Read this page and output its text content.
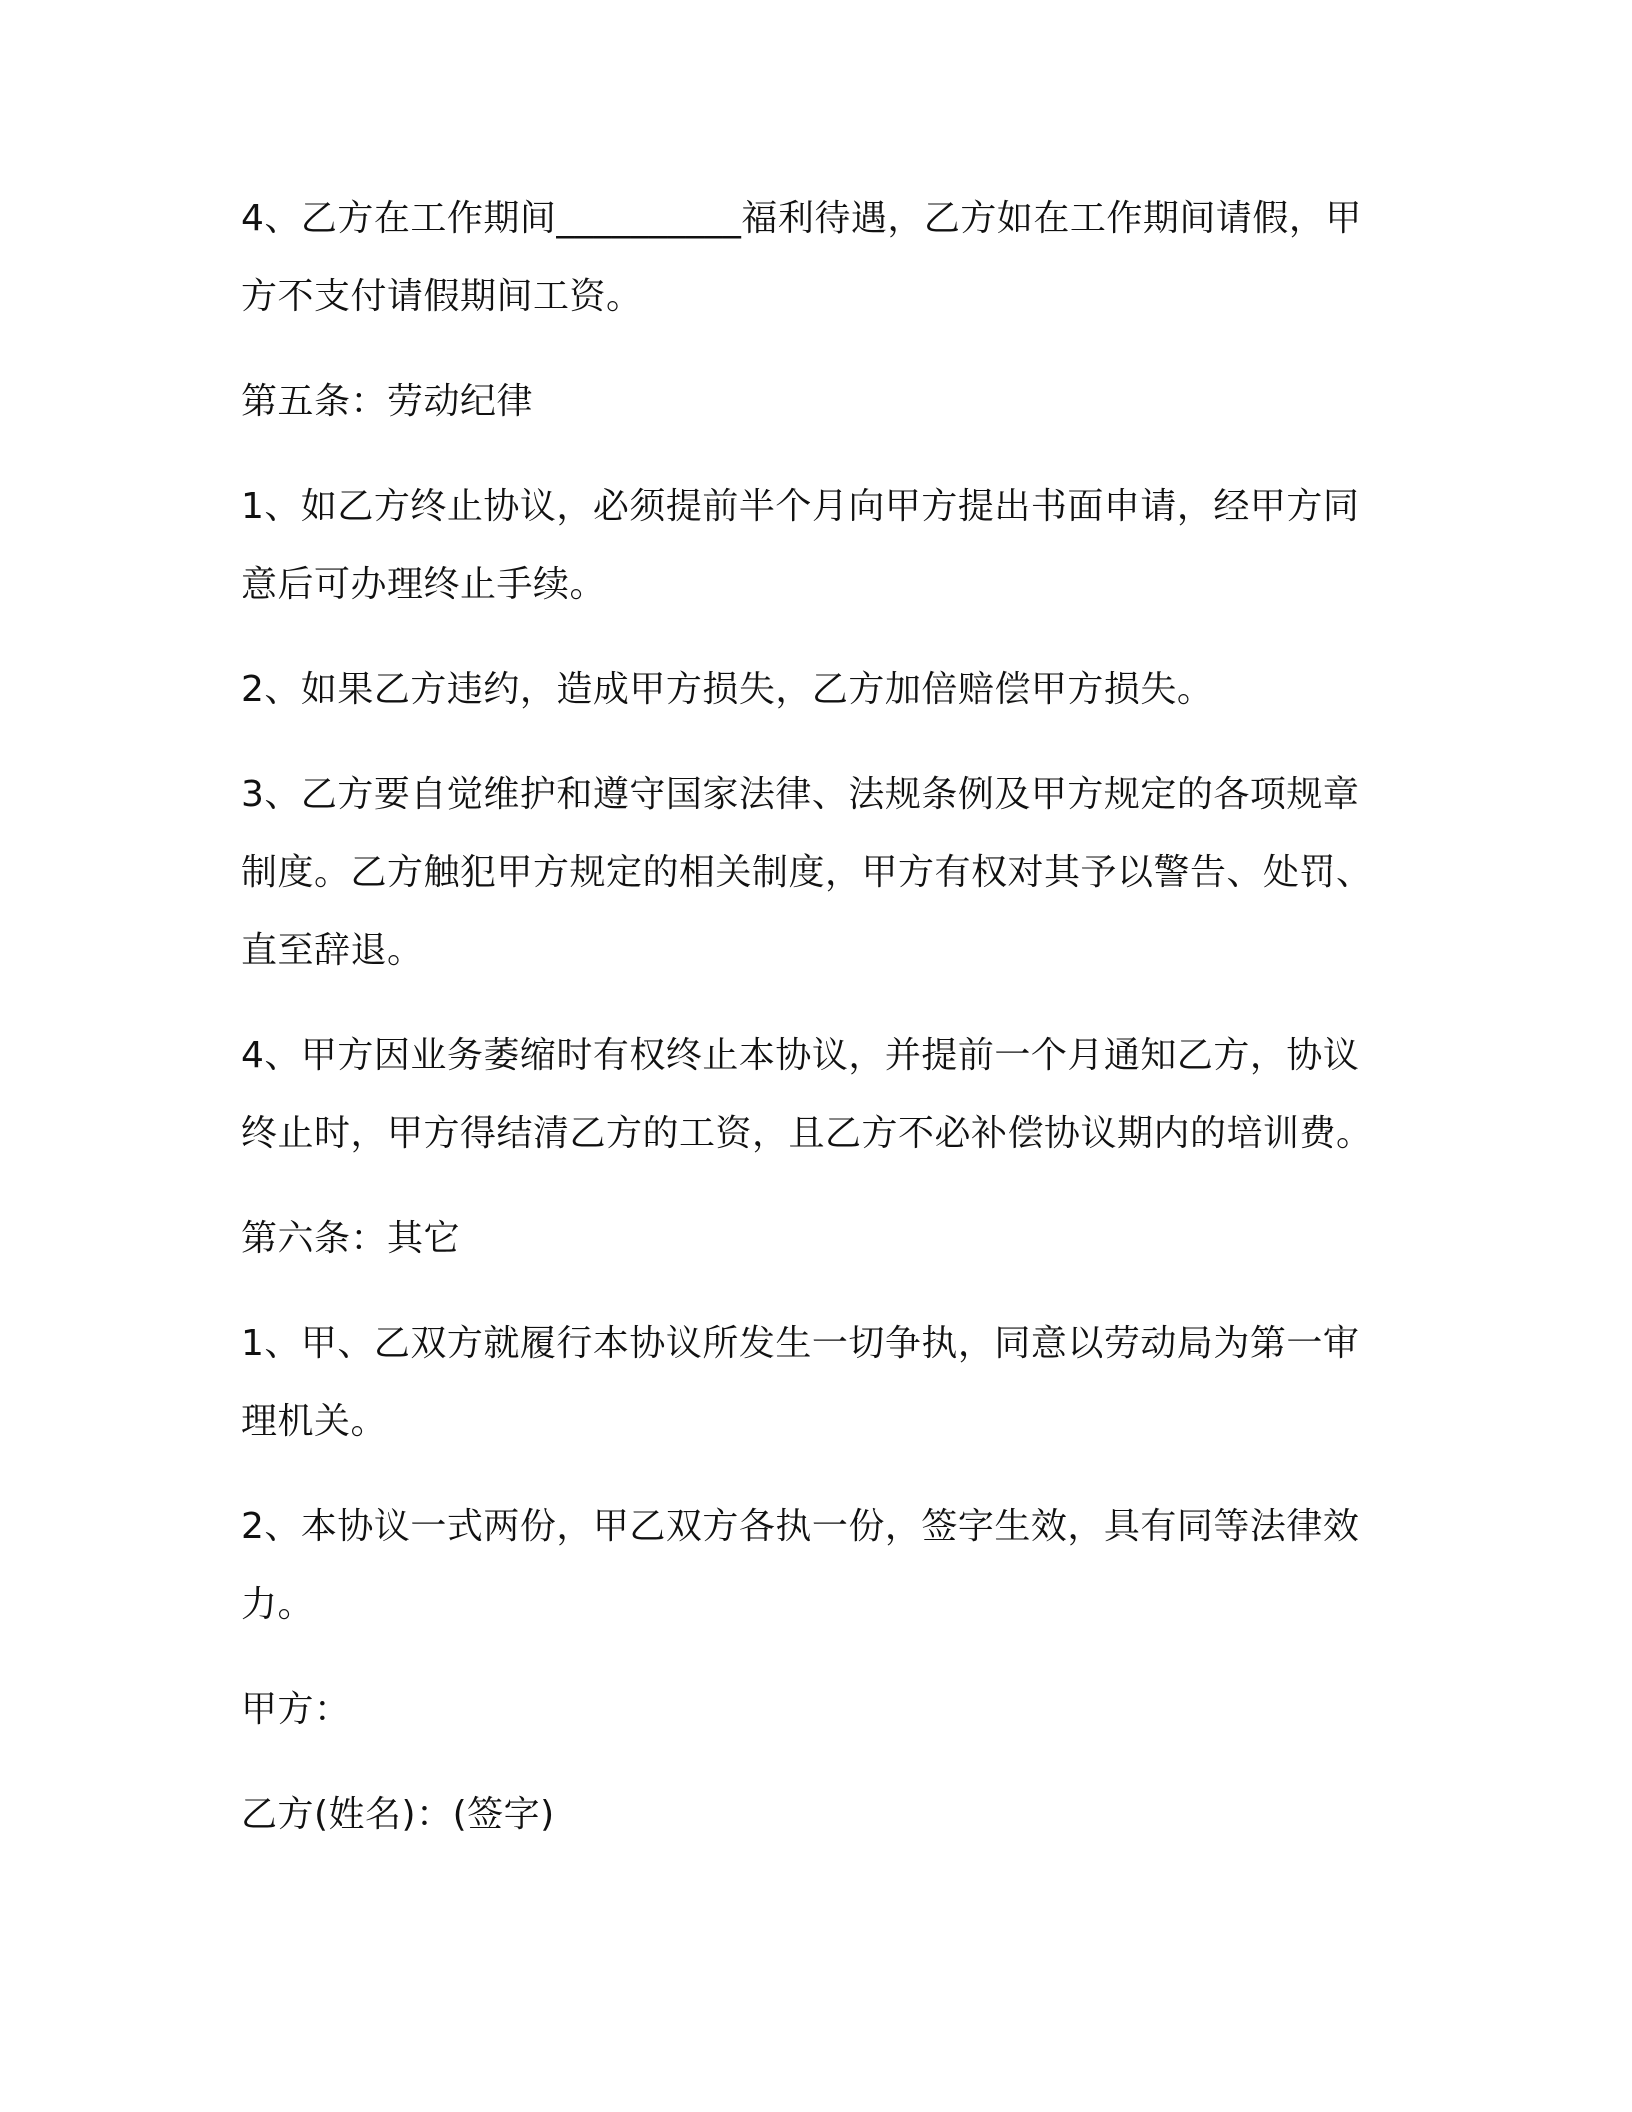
4、乙方在工作期间__________福利待遇，乙方如在工作期间请假，甲方不支付请假期间工资。

第五条：劳动纪律

1、如乙方终止协议，必须提前半个月向甲方提出书面申请，经甲方同意后可办理终止手续。

2、如果乙方违约，造成甲方损失，乙方加倍赔偿甲方损失。

3、乙方要自觉维护和遵守国家法律、法规条例及甲方规定的各项规章制度。乙方触犯甲方规定的相关制度，甲方有权对其予以警告、处罚、直至辞退。

4、甲方因业务萎缩时有权终止本协议，并提前一个月通知乙方，协议终止时，甲方得结清乙方的工资，且乙方不必补偿协议期内的培训费。

第六条：其它

1、甲、乙双方就履行本协议所发生一切争执，同意以劳动局为第一审理机关。

2、本协议一式两份，甲乙双方各执一份，签字生效，具有同等法律效力。

甲方：

乙方(姓名)：(签字)
